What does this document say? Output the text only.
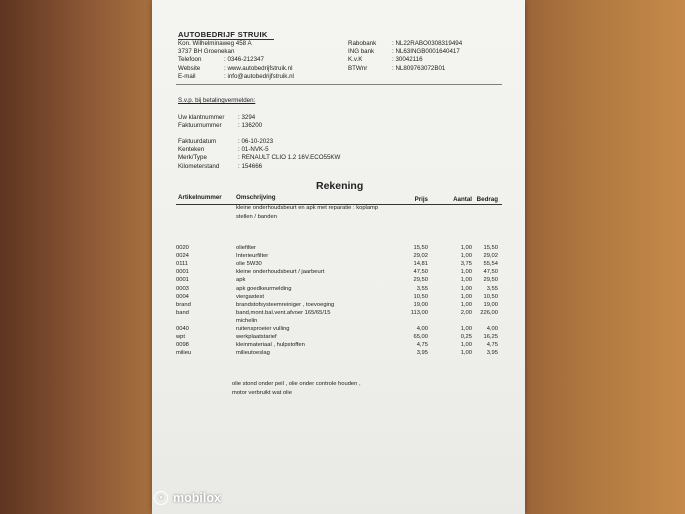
AUTOBEDRIJF STRUIK
Kon. Wilhelminaweg 458 A
3737 BH Groenekan
Telefoon	: 0346-212347
Website	: www.autobedrijfstruik.nl
E-mail	: info@autobedrijfstruik.nl
Rabobank	: NL22RABO0308319494
ING bank	: NL63INGB0001640417
K.v.K	: 30042116
BTWnr	: NL809763072B01
S.v.p. bij betalingvermelden:
Uw klantnummer : 3294
Faktuurnummer	: 136200
Faktuurdatum	: 06-10-2023
Kenteken	: 01-NVK-5
Merk/Type	: RENAULT CLIO 1.2 16V.ECO55KW
Kilometerstand	: 154666
Rekening
Artikelnummer Omschrijving	Prijs	Aantal Bedrag
kleine onderhoudsbeurt en apk met reparatie : koplamp
stellen / banden
0020	oliefilter	15,50	1,00	15,50
0024	Interieurfilter	29,02	1,00	29,02
0111	olie 5W30	14,81	3,75	55,54
0001	kleine onderhoudsbeurt / jaarbeurt	47,50	1,00	47,50
0001	apk	29,50	1,00	29,50
0003	apk goedkeurmelding	3,55	1,00	3,55
0004	viergastest	10,50	1,00	10,50
brand	brandstofsysteemreiniger , toevoeging	19,00	1,00	19,00
band	band,mont.bal.vent.afvoer 165/65/15	113,00	2,00	226,00
michelin
0040	ruitensproeier vulling	4,00	1,00	4,00
wpt	werkplaatstarief	65,00	0,25	16,25
0098	kleinmateriaal , hulpstoffen	4,75	1,00	4,75
milieu	milieutoeslag	3,95	1,00	3,95
olie stond onder peil , olie onder controle houden ,
motor verbruikt wat olie
● mobilox
